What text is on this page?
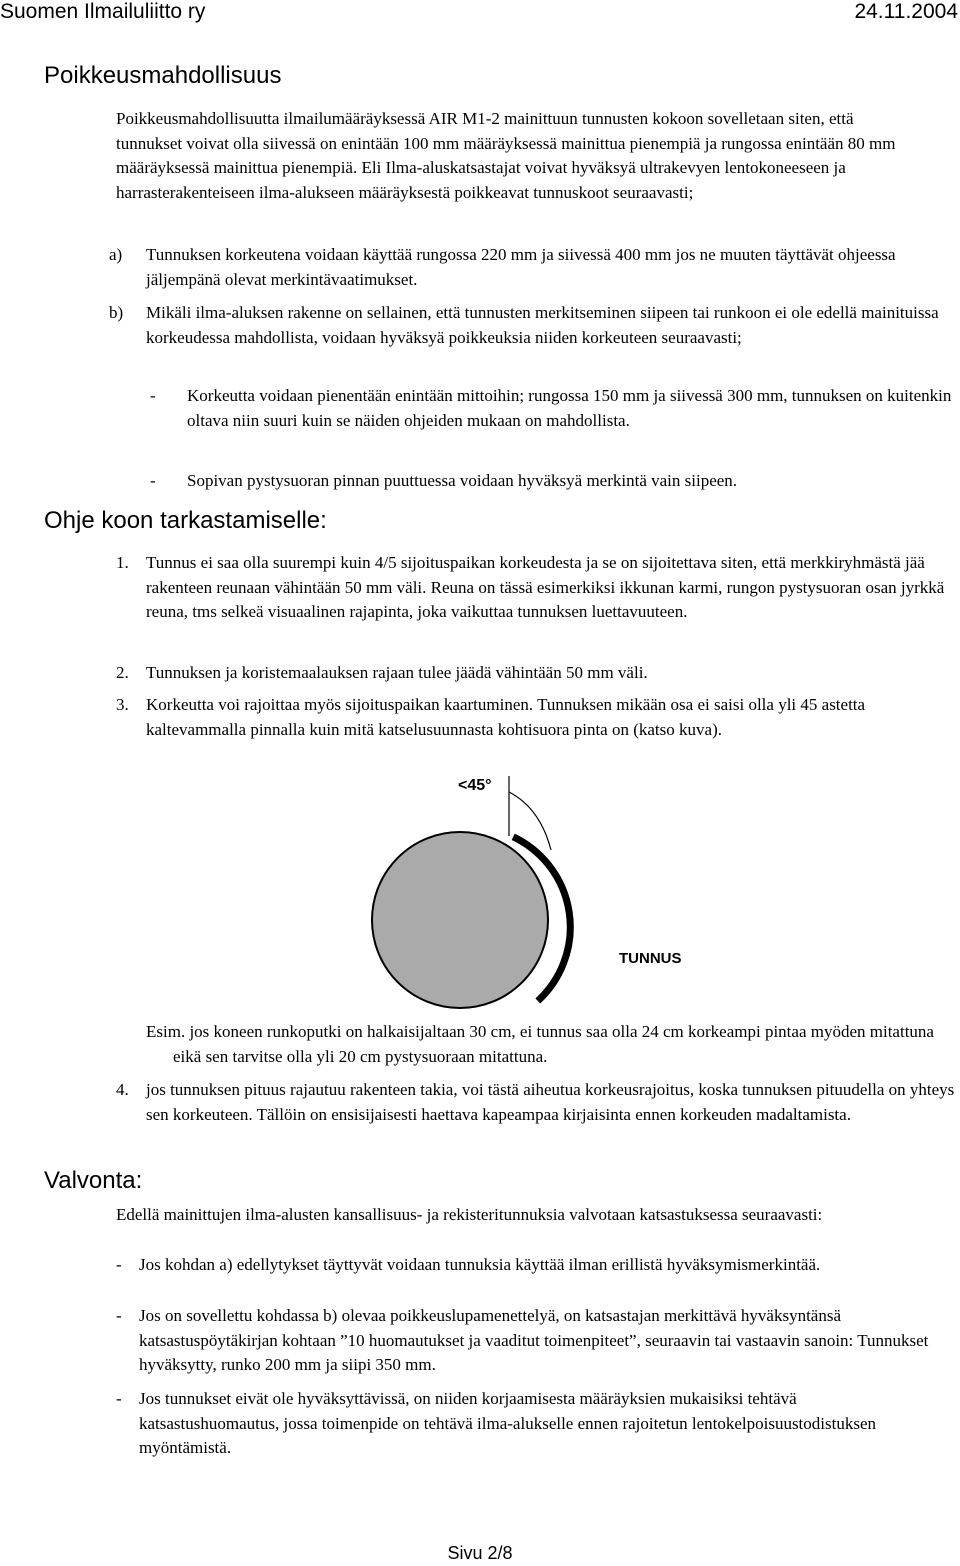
Suomen Ilmailuliitto ry	24.11.2004
Poikkeusmahdollisuus

Poikkeusmahdollisuutta ilmailumääräyksessä AIR M1-2 mainittuun tunnusten kokoon sovelletaan siten, että tunnukset voivat olla siivessä on enintään 100 mm määräyksessä mainittua pienempiä ja rungossa enintään 80 mm määräyksessä mainittua pienempiä. Eli Ilma-aluskatsastajat voivat hyväksyä ultrakevyen lentokoneeseen ja harrasterakenteiseen ilma-alukseen määräyksestä poikkeavat tunnuskoot seuraavasti;

a) Tunnuksen korkeutena voidaan käyttää rungossa 220 mm ja siivessä 400 mm jos ne muuten täyttävät ohjeessa jäljempänä olevat merkintävaatimukset.
b) Mikäli ilma-aluksen rakenne on sellainen, että tunnusten merkitseminen siipeen tai runkoon ei ole edellä mainituissa korkeudessa mahdollista, voidaan hyväksyä poikkeuksia niiden korkeuteen seuraavasti;
- Korkeutta voidaan pienentään enintään mittoihin; rungossa 150 mm ja siivessä 300 mm, tunnuksen on kuitenkin oltava niin suuri kuin se näiden ohjeiden mukaan on mahdollista.
- Sopivan pystysuoran pinnan puuttuessa voidaan hyväksyä merkintä vain siipeen.
Ohje koon tarkastamiselle:
1. Tunnus ei saa olla suurempi kuin 4/5 sijoituspaikan korkeudesta ja se on sijoitettava siten, että merkkiryhmästä jää rakenteen reunaan vähintään 50 mm väli. Reuna on tässä esimerkiksi ikkunan karmi, rungon pystysuoran osan jyrkkä reuna, tms selkeä visuaalinen rajapinta, joka vaikuttaa tunnuksen luettavuuteen.
2. Tunnuksen ja koristemaalauksen rajaan tulee jäädä vähintään 50 mm väli.
3. Korkeutta voi rajoittaa myös sijoituspaikan kaartuminen. Tunnuksen mikään osa ei saisi olla yli 45 astetta kaltevammalla pinnalla kuin mitä katselusuunnasta kohtisuora pinta on (katso kuva).
<45°
TUNNUS

Esim. jos koneen runkoputki on halkaisijaltaan 30 cm, ei tunnus saa olla 24 cm korkeampi pintaa myöden mitattuna eikä sen tarvitse olla yli 20 cm pystysuoraan mitattuna.

4. jos tunnuksen pituus rajautuu rakenteen takia, voi tästä aiheutua korkeusrajoitus, koska tunnuksen pituudella on yhteys sen korkeuteen. Tällöin on ensisijaisesti haettava kapeampaa kirjaisinta ennen korkeuden madaltamista.
Valvonta:

Edellä mainittujen ilma-alusten kansallisuus- ja rekisteritunnuksia valvotaan katsastuksessa seuraavasti:

- Jos kohdan a) edellytykset täyttyvät voidaan tunnuksia käyttää ilman erillistä hyväksymismerkintää.
- Jos on sovellettu kohdassa b) olevaa poikkeuslupamenettelyä, on katsastajan merkittävä hyväksyntänsä katsastuspöytäkirjan kohtaan ”10 huomautukset ja vaaditut toimenpiteet”, seuraavin tai vastaavin sanoin: Tunnukset hyväksytty, runko 200 mm ja siipi 350 mm.
- Jos tunnukset eivät ole hyväksyttävissä, on niiden korjaamisesta määräyksien mukaisiksi tehtävä katsastushuomautus, jossa toimenpide on tehtävä ilma-alukselle ennen rajoitetun lentokelpoisuustodistuksen myöntämistä.
Sivu 2/8
